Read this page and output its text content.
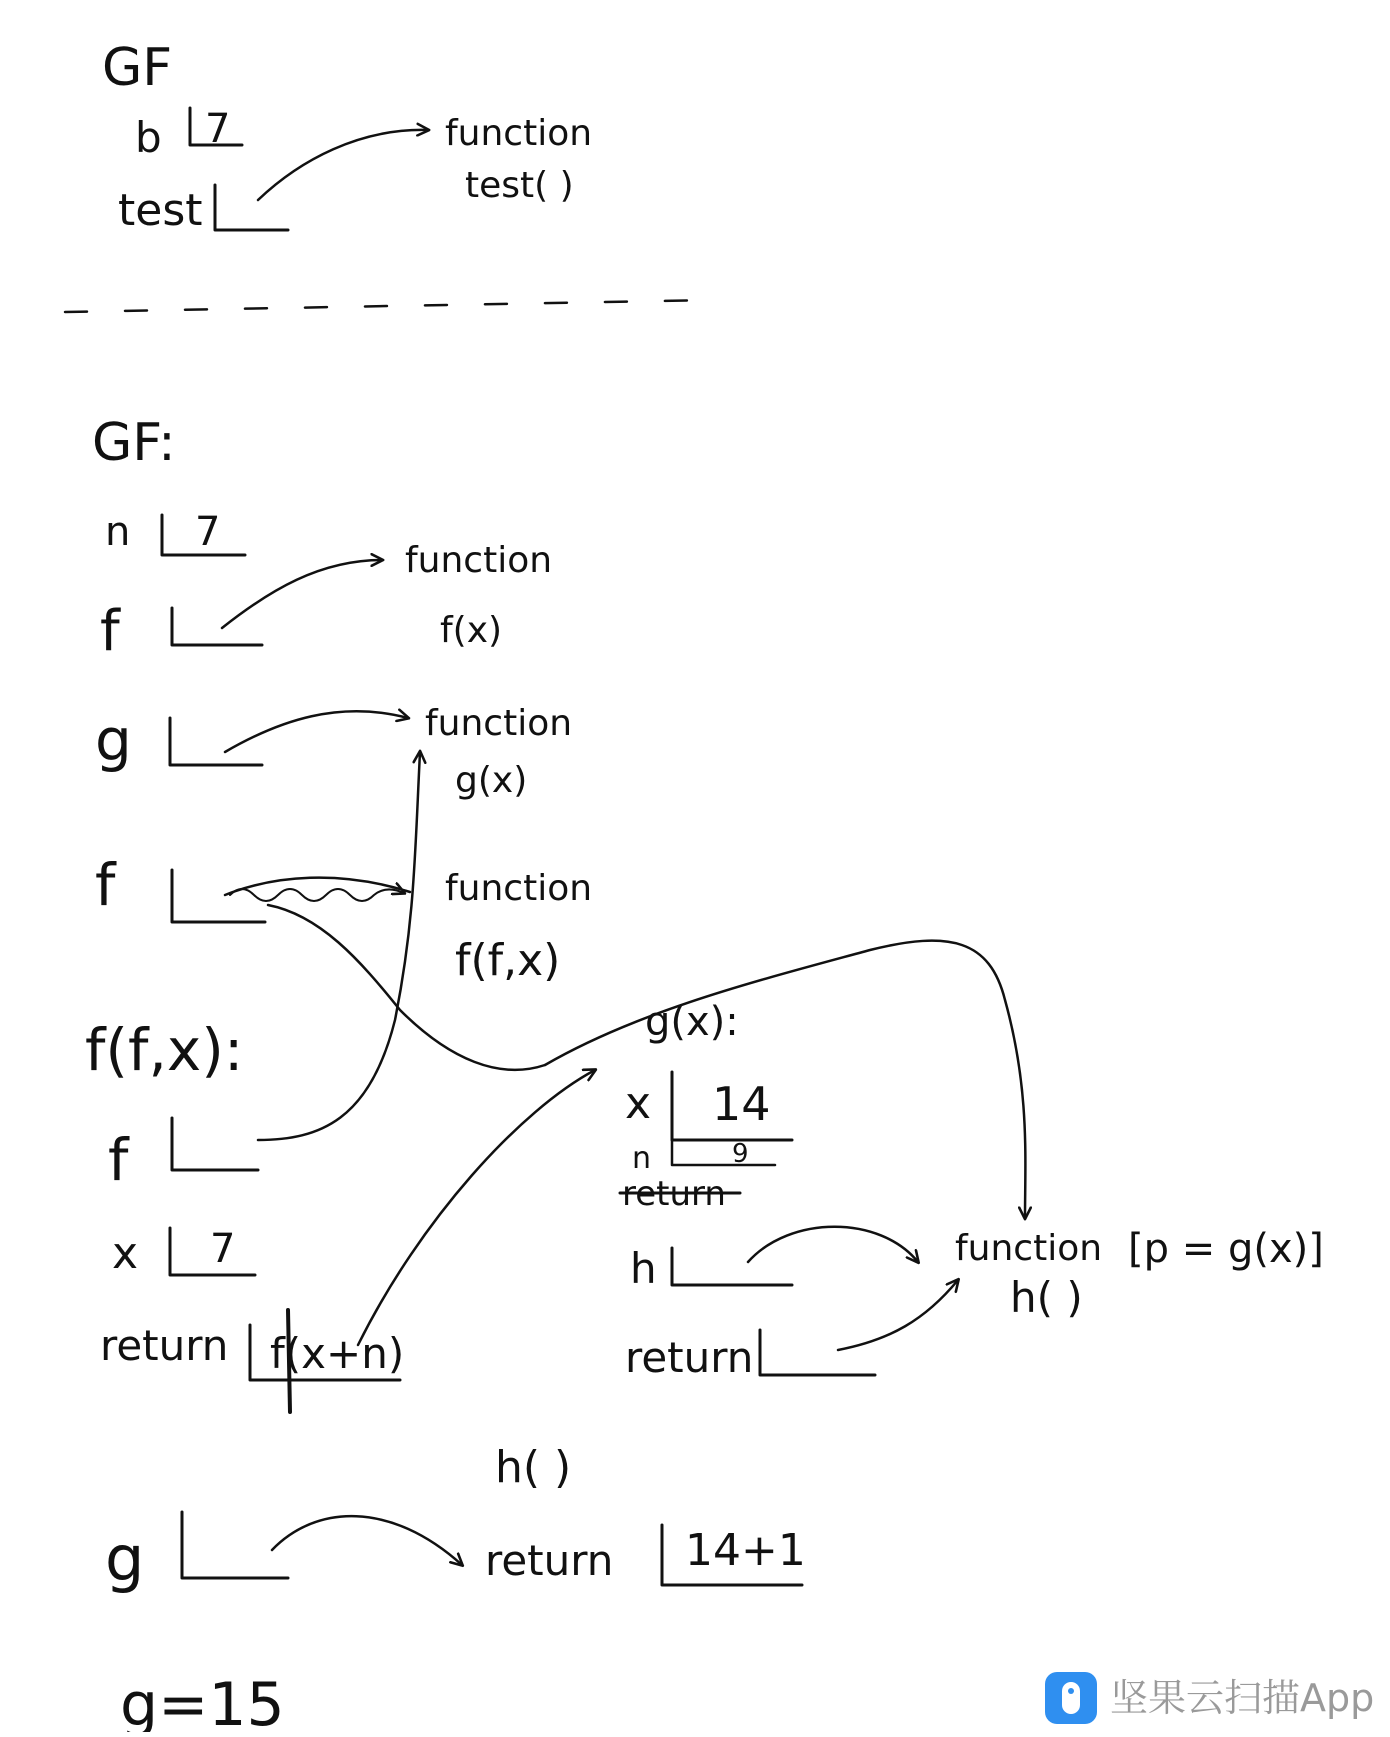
GF
b 7
test
function
test( )
GF:
n 7
f
function
f(x)
g	function
g(x)
f	function
f(f,x)
f(f,x):
f
x 7
return f(x+n)
g(x):
x 14
n	9
return
h
return
function
h( )
[p = g(x)]
h( )
g	return 14+1
g=15	坚果云扫描App
